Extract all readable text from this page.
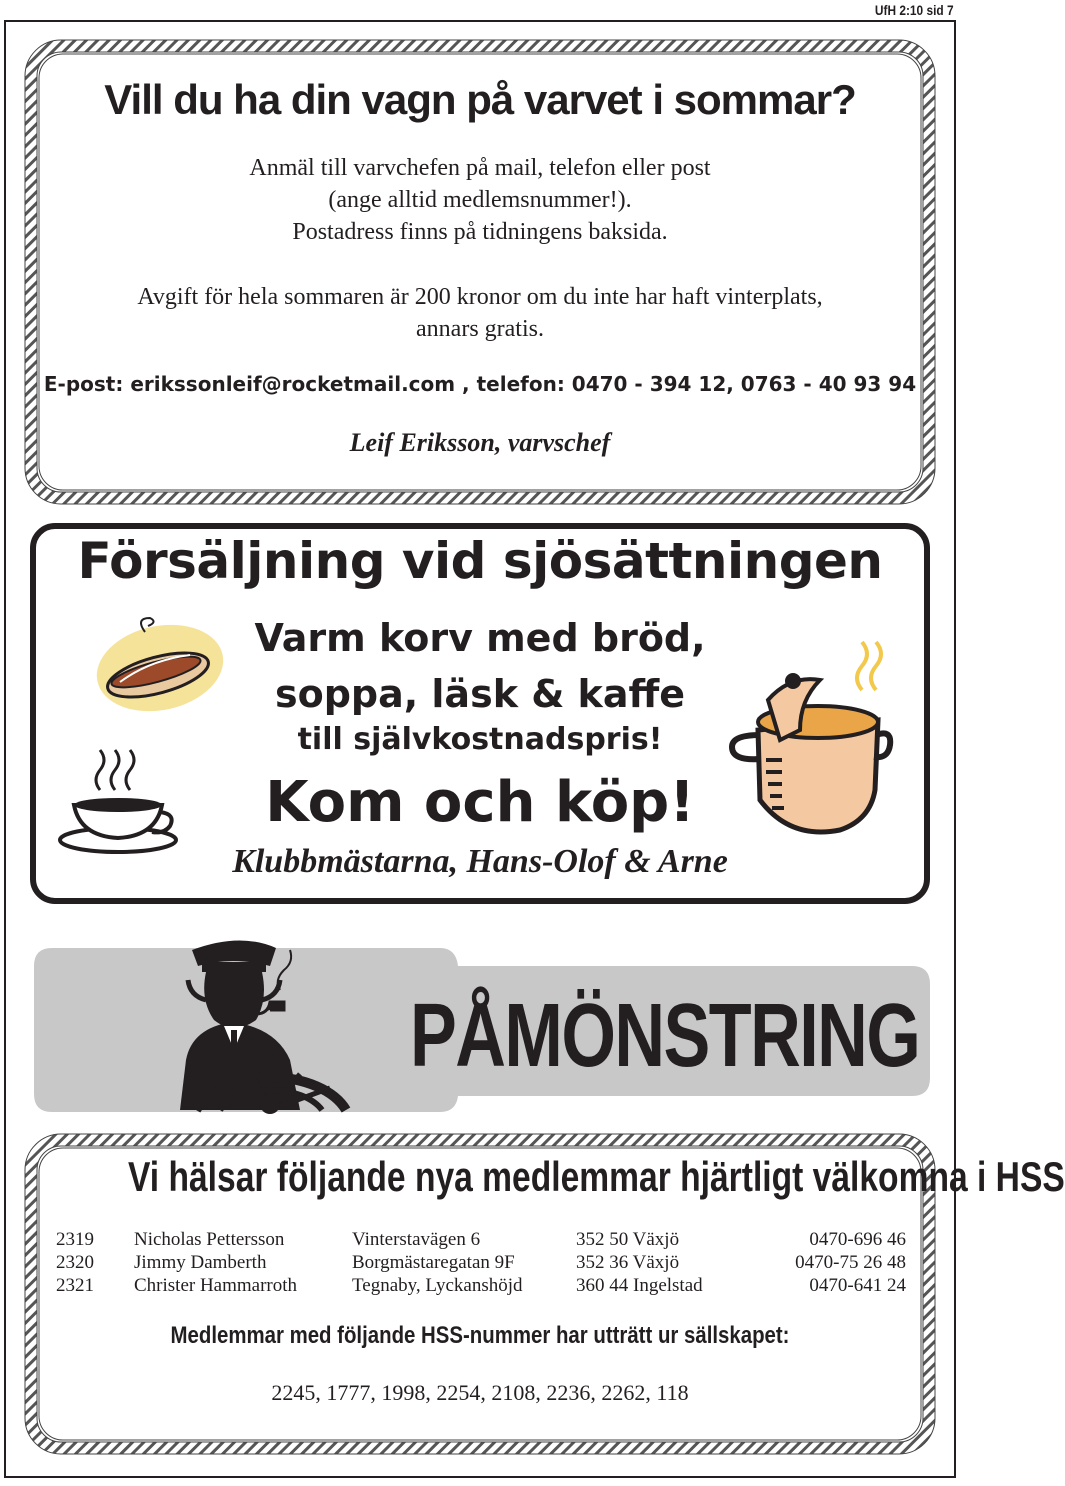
UfH 2:10 sid 7
Vill du ha din vagn på varvet i sommar?
Anmäl till varvchefen på mail, telefon eller post
(ange alltid medlemsnummer!).
Postadress finns på tidningens baksida.
Avgift för hela sommaren är 200 kronor om du inte har haft vinterplats,
annars gratis.
E-post: erikssonleif@rocketmail.com , telefon: 0470 - 394 12, 0763 - 40 93 94
Leif Eriksson, varvschef
Försäljning vid sjösättningen
Varm korv med bröd,
soppa, läsk & kaffe
till självkostnadspris!
Kom och köp!
Klubbmästarna, Hans-Olof & Arne
PÅMÖNSTRING
Vi hälsar följande nya medlemmar hjärtligt välkomna i HSS
2319	Nicholas Pettersson	Vinterstavägen 6	352 50 Växjö	0470-696 46
2320	Jimmy Damberth	Borgmästaregatan 9F	352 36 Växjö	0470-75 26 48
2321	Christer Hammarroth	Tegnaby, Lyckanshöjd	360 44 Ingelstad	0470-641 24
Medlemmar med följande HSS-nummer har utträtt ur sällskapet:
2245, 1777, 1998, 2254, 2108, 2236, 2262, 118
